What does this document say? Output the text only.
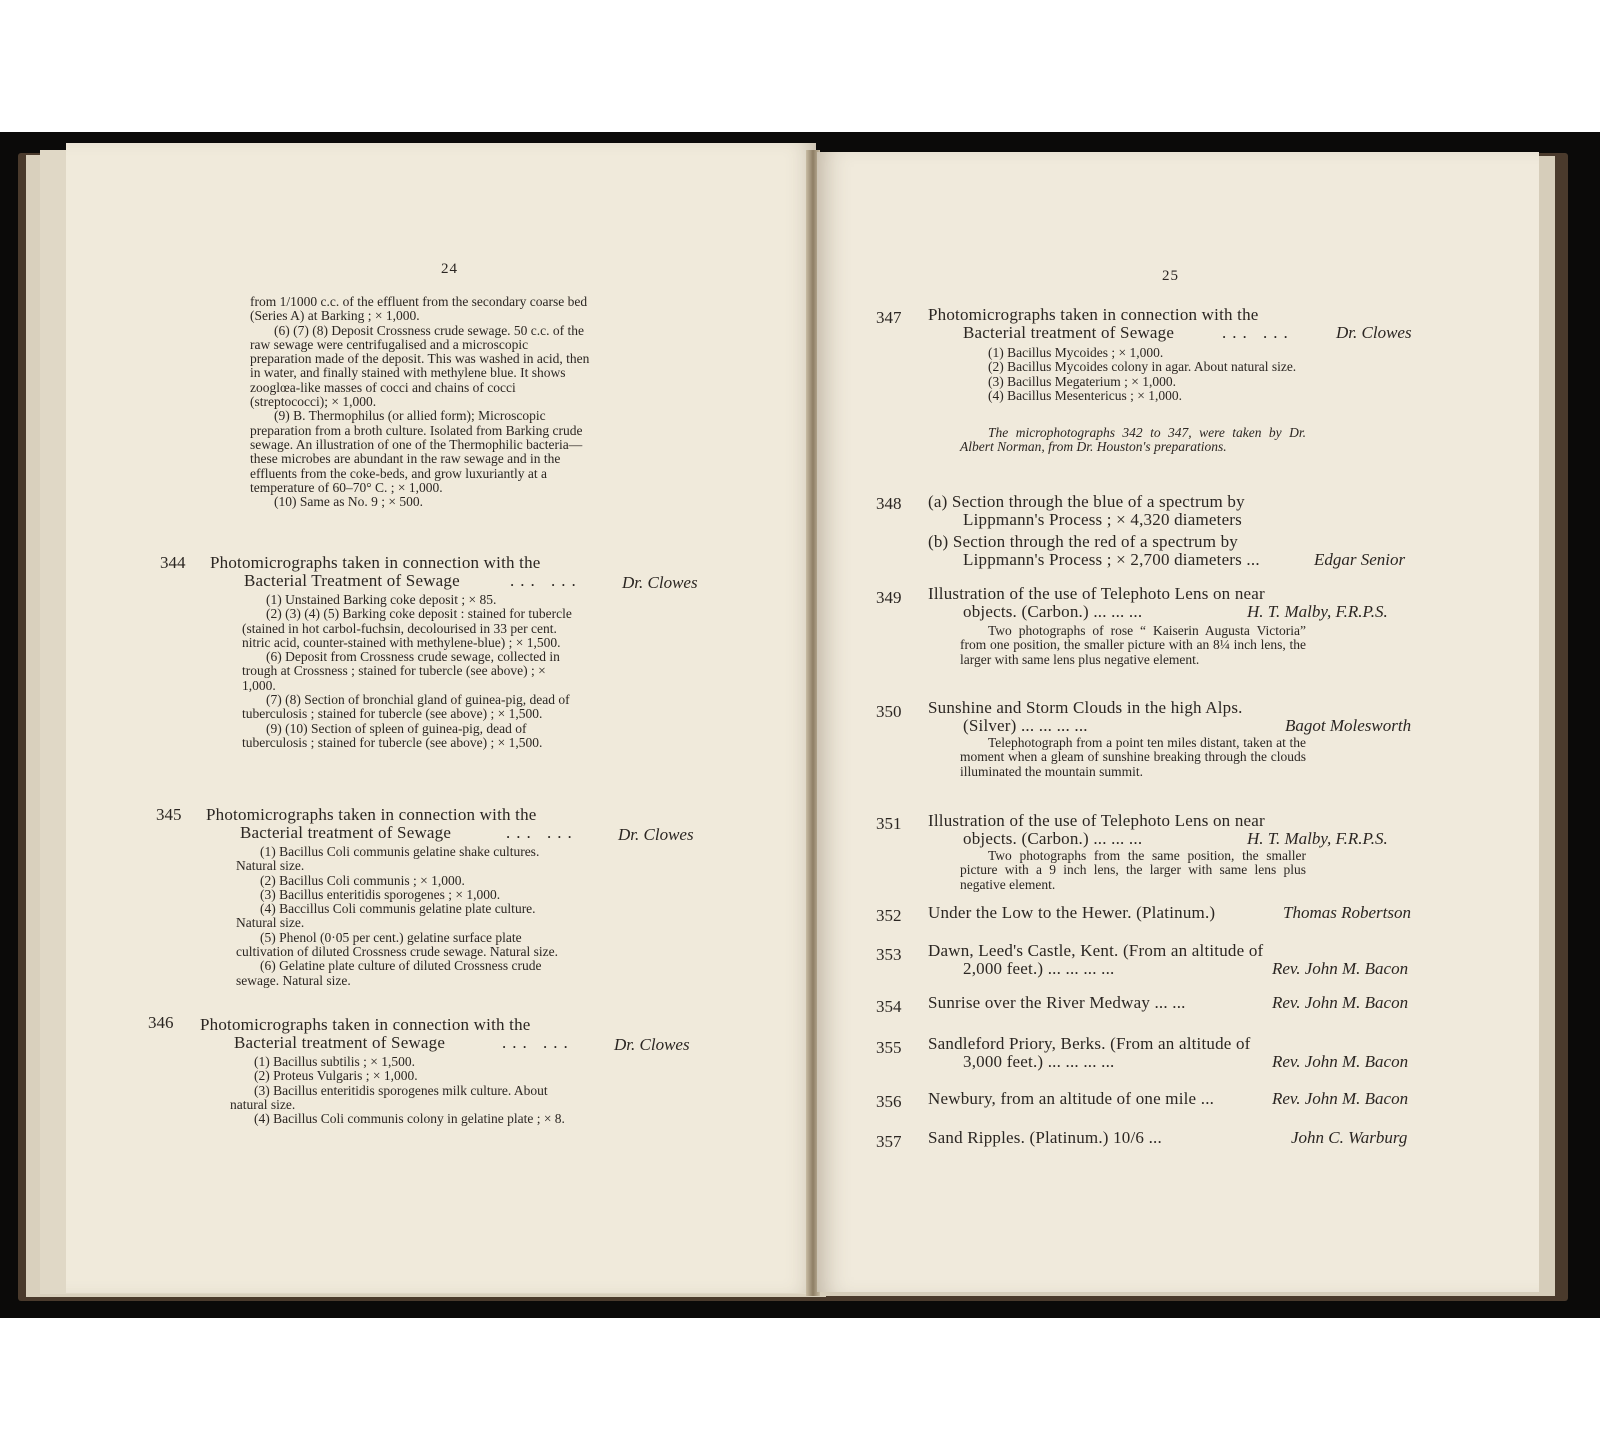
24

from 1/1000 c.c. of the effluent from the secondary coarse bed (Series A) at Barking ; × 1,000.

(6) (7) (8) Deposit Crossness crude sewage. 50 c.c. of the raw sewage were centrifugalised and a microscopic preparation made of the deposit. This was washed in acid, then in water, and finally stained with methylene blue. It shows zooglœa-like masses of cocci and chains of cocci (streptococci); × 1,000.

(9) B. Thermophilus (or allied form); Microscopic preparation from a broth culture. Isolated from Barking crude sewage. An illustration of one of the Thermophilic bacteria—these microbes are abundant in the raw sewage and in the effluents from the coke-beds, and grow luxuriantly at a temperature of 60–70° C. ; × 1,000.

(10) Same as No. 9 ; × 500.

344 Photomicrographs taken in connection with the
Bacterial Treatment of Sewage	... ... Dr. Clowes

(1) Unstained Barking coke deposit ; × 85.

(2) (3) (4) (5) Barking coke deposit : stained for tubercle (stained in hot carbol-fuchsin, decolourised in 33 per cent. nitric acid, counter-stained with methylene-blue) ; × 1,500.

(6) Deposit from Crossness crude sewage, collected in trough at Crossness ; stained for tubercle (see above) ; × 1,000.

(7) (8) Section of bronchial gland of guinea-pig, dead of tuberculosis ; stained for tubercle (see above) ; × 1,500.

(9) (10) Section of spleen of guinea-pig, dead of tuberculosis ; stained for tubercle (see above) ; × 1,500.

345 Photomicrographs taken in connection with the
Bacterial treatment of Sewage	... ... Dr. Clowes

(1) Bacillus Coli communis gelatine shake cultures. Natural size.

(2) Bacillus Coli communis ; × 1,000.

(3) Bacillus enteritidis sporogenes ; × 1,000.

(4) Baccillus Coli communis gelatine plate culture. Natural size.

(5) Phenol (0·05 per cent.) gelatine surface plate cultivation of diluted Crossness crude sewage. Natural size.

(6) Gelatine plate culture of diluted Crossness crude sewage. Natural size.

346 Photomicrographs taken in connection with the
Bacterial treatment of Sewage	... ... Dr. Clowes

(1) Bacillus subtilis ; × 1,500.

(2) Proteus Vulgaris ; × 1,000.

(3) Bacillus enteritidis sporogenes milk culture. About natural size.

(4) Bacillus Coli communis colony in gelatine plate ; × 8.

25
347 Photomicrographs taken in connection with the
Bacterial treatment of Sewage	... ... Dr. Clowes

(1) Bacillus Mycoides ; × 1,000.

(2) Bacillus Mycoides colony in agar. About natural size.

(3) Bacillus Megaterium ; × 1,000.

(4) Bacillus Mesentericus ; × 1,000.

The microphotographs 342 to 347, were taken by Dr. Albert Norman, from Dr. Houston's preparations.

348 (a) Section through the blue of a spectrum by
Lippmann's Process ; × 4,320 diameters
(b) Section through the red of a spectrum by
Lippmann's Process ; × 2,700 diameters ...	Edgar Senior
349 Illustration of the use of Telephoto Lens on near
objects. (Carbon.) ... ... ...	H. T. Malby, F.R.P.S.

Two photographs of rose “ Kaiserin Augusta Victoria” from one position, the smaller picture with an 8¼ inch lens, the larger with same lens plus negative element.

350 Sunshine and Storm Clouds in the high Alps.
(Silver) ... ... ... ...	Bagot Molesworth

Telephotograph from a point ten miles distant, taken at the moment when a gleam of sunshine breaking through the clouds illuminated the mountain summit.

351 Illustration of the use of Telephoto Lens on near
objects. (Carbon.) ... ... ...	H. T. Malby, F.R.P.S.

Two photographs from the same position, the smaller picture with a 9 inch lens, the larger with same lens plus negative element.

352 Under the Low to the Hewer. (Platinum.)	Thomas Robertson
353 Dawn, Leed's Castle, Kent. (From an altitude of
2,000 feet.) ... ... ... ...	Rev. John M. Bacon
354 Sunrise over the River Medway ... ...	Rev. John M. Bacon
355 Sandleford Priory, Berks. (From an altitude of
3,000 feet.) ... ... ... ...	Rev. John M. Bacon
356 Newbury, from an altitude of one mile ...	Rev. John M. Bacon
357 Sand Ripples. (Platinum.) 10/6 ...	John C. Warburg
